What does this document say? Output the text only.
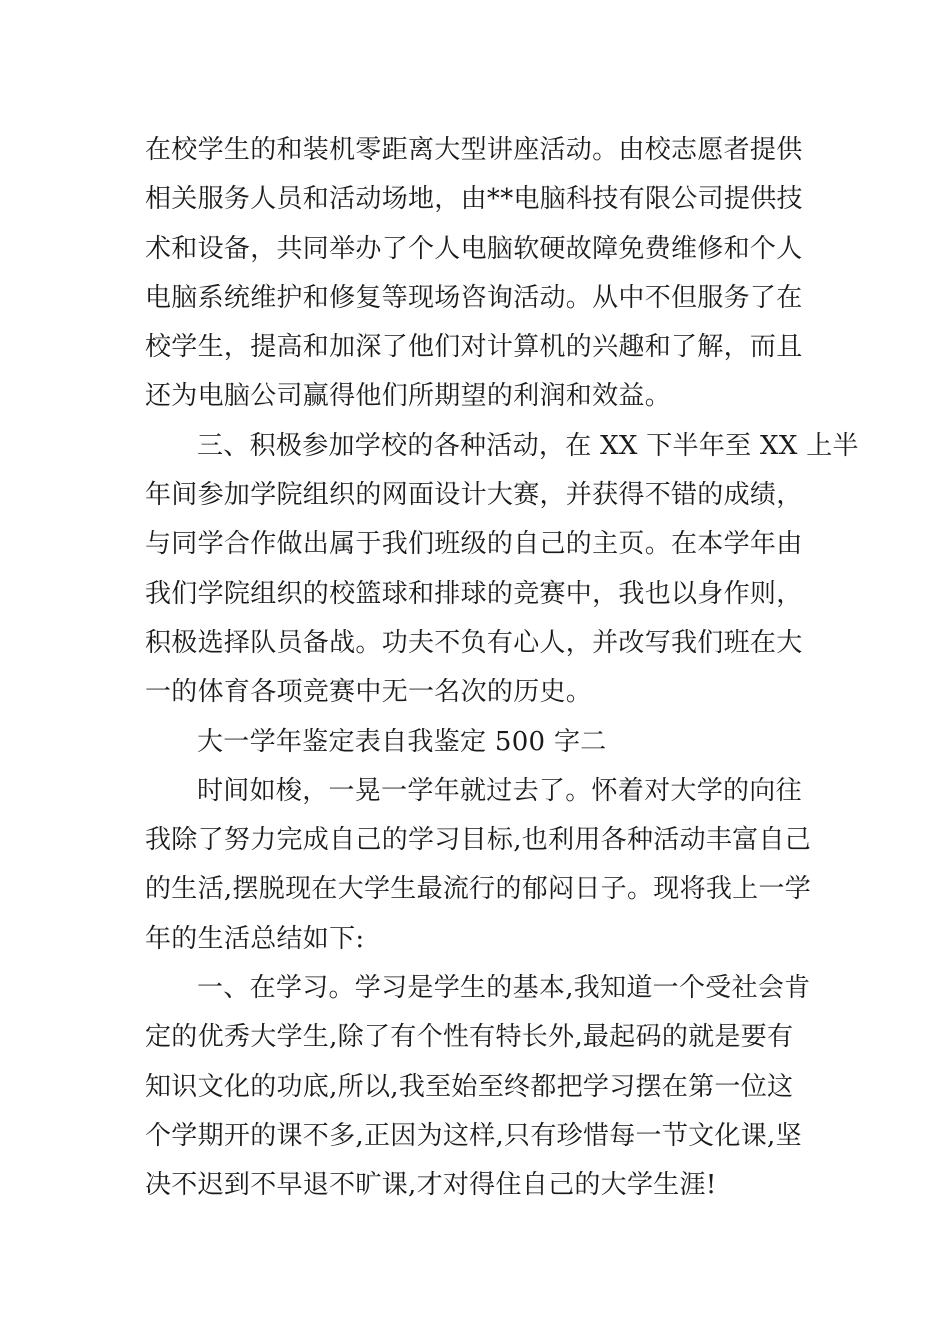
在校学生的和装机零距离大型讲座活动。由校志愿者提供
相关服务人员和活动场地，由**电脑科技有限公司提供技
术和设备，共同举办了个人电脑软硬故障免费维修和个人
电脑系统维护和修复等现场咨询活动。从中不但服务了在
校学生，提高和加深了他们对计算机的兴趣和了解，而且
还为电脑公司赢得他们所期望的利润和效益。
三、积极参加学校的各种活动，在 XX 下半年至 XX 上半
年间参加学院组织的网面设计大赛，并获得不错的成绩，
与同学合作做出属于我们班级的自己的主页。在本学年由
我们学院组织的校篮球和排球的竞赛中，我也以身作则，
积极选择队员备战。功夫不负有心人，并改写我们班在大
一的体育各项竞赛中无一名次的历史。
大一学年鉴定表自我鉴定 500 字二
时间如梭，一晃一学年就过去了。怀着对大学的向往
我除了努力完成自己的学习目标,也利用各种活动丰富自己
的生活,摆脱现在大学生最流行的郁闷日子。现将我上一学
年的生活总结如下:
一、在学习。学习是学生的基本,我知道一个受社会肯
定的优秀大学生,除了有个性有特长外,最起码的就是要有
知识文化的功底,所以,我至始至终都把学习摆在第一位这
个学期开的课不多,正因为这样,只有珍惜每一节文化课,坚
决不迟到不早退不旷课,才对得住自己的大学生涯!
